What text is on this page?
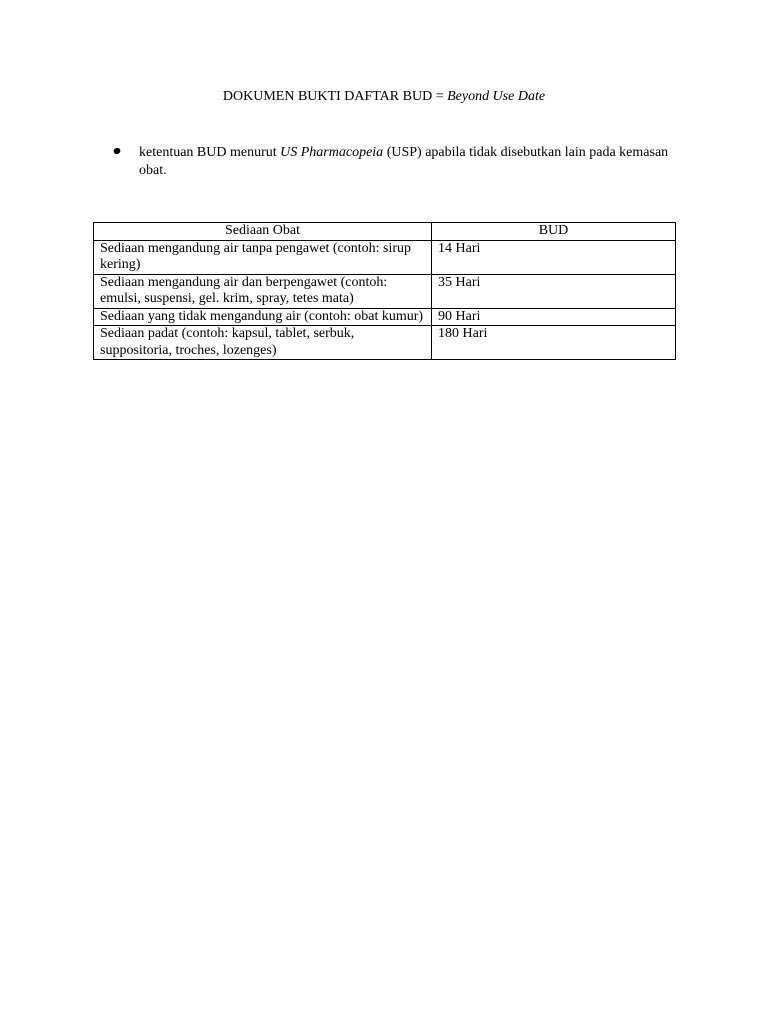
DOKUMEN BUKTI DAFTAR BUD = Beyond Use Date
ketentuan BUD menurut US Pharmacopeia (USP) apabila tidak disebutkan lain pada kemasan obat.
Sediaan Obat	BUD
Sediaan mengandung air tanpa pengawet (contoh: sirup kering)	14 Hari
Sediaan mengandung air dan berpengawet (contoh: emulsi, suspensi, gel. krim, spray, tetes mata)	35 Hari
Sediaan yang tidak mengandung air (contoh: obat kumur)	90 Hari
Sediaan padat (contoh: kapsul, tablet, serbuk, suppositoria, troches, lozenges)	180 Hari
